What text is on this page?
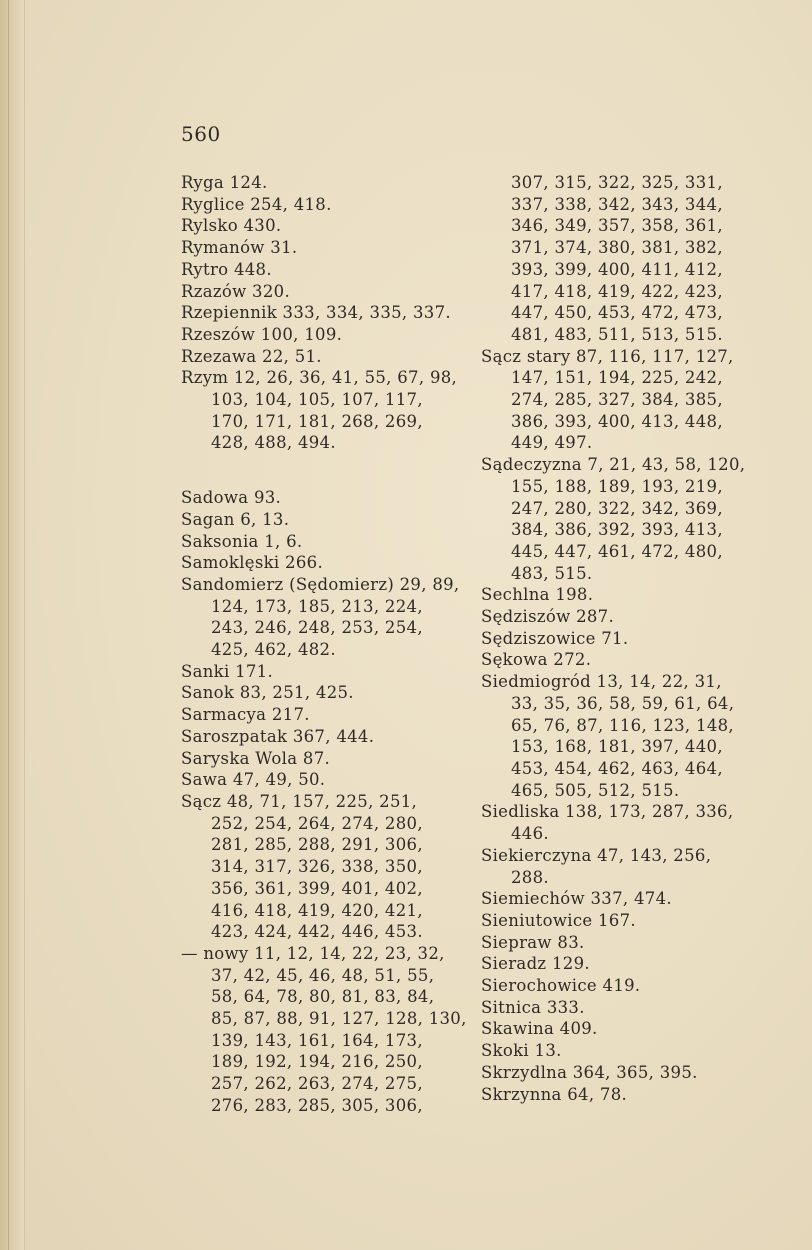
560
Ryga 124.
Ryglice 254, 418.
Rylsko 430.
Rymanów 31.
Rytro 448.
Rzazów 320.
Rzepiennik 333, 334, 335, 337.
Rzeszów 100, 109.
Rzezawa 22, 51.
Rzym 12, 26, 36, 41, 55, 67, 98,
103, 104, 105, 107, 117,
170, 171, 181, 268, 269,
428, 488, 494.
Sadowa 93.
Sagan 6, 13.
Saksonia 1, 6.
Samoklęski 266.
Sandomierz (Sędomierz) 29, 89,
124, 173, 185, 213, 224,
243, 246, 248, 253, 254,
425, 462, 482.
Sanki 171.
Sanok 83, 251, 425.
Sarmacya 217.
Saroszpatak 367, 444.
Saryska Wola 87.
Sawa 47, 49, 50.
Sącz 48, 71, 157, 225, 251,
252, 254, 264, 274, 280,
281, 285, 288, 291, 306,
314, 317, 326, 338, 350,
356, 361, 399, 401, 402,
416, 418, 419, 420, 421,
423, 424, 442, 446, 453.
— nowy 11, 12, 14, 22, 23, 32,
37, 42, 45, 46, 48, 51, 55,
58, 64, 78, 80, 81, 83, 84,
85, 87, 88, 91, 127, 128, 130,
139, 143, 161, 164, 173,
189, 192, 194, 216, 250,
257, 262, 263, 274, 275,
276, 283, 285, 305, 306,
307, 315, 322, 325, 331,
337, 338, 342, 343, 344,
346, 349, 357, 358, 361,
371, 374, 380, 381, 382,
393, 399, 400, 411, 412,
417, 418, 419, 422, 423,
447, 450, 453, 472, 473,
481, 483, 511, 513, 515.
Sącz stary 87, 116, 117, 127,
147, 151, 194, 225, 242,
274, 285, 327, 384, 385,
386, 393, 400, 413, 448,
449, 497.
Sądeczyzna 7, 21, 43, 58, 120,
155, 188, 189, 193, 219,
247, 280, 322, 342, 369,
384, 386, 392, 393, 413,
445, 447, 461, 472, 480,
483, 515.
Sechlna 198.
Sędziszów 287.
Sędziszowice 71.
Sękowa 272.
Siedmiogród 13, 14, 22, 31,
33, 35, 36, 58, 59, 61, 64,
65, 76, 87, 116, 123, 148,
153, 168, 181, 397, 440,
453, 454, 462, 463, 464,
465, 505, 512, 515.
Siedliska 138, 173, 287, 336,
446.
Siekierczyna 47, 143, 256,
288.
Siemiechów 337, 474.
Sieniutowice 167.
Siepraw 83.
Sieradz 129.
Sierochowice 419.
Sitnica 333.
Skawina 409.
Skoki 13.
Skrzydlna 364, 365, 395.
Skrzynna 64, 78.
